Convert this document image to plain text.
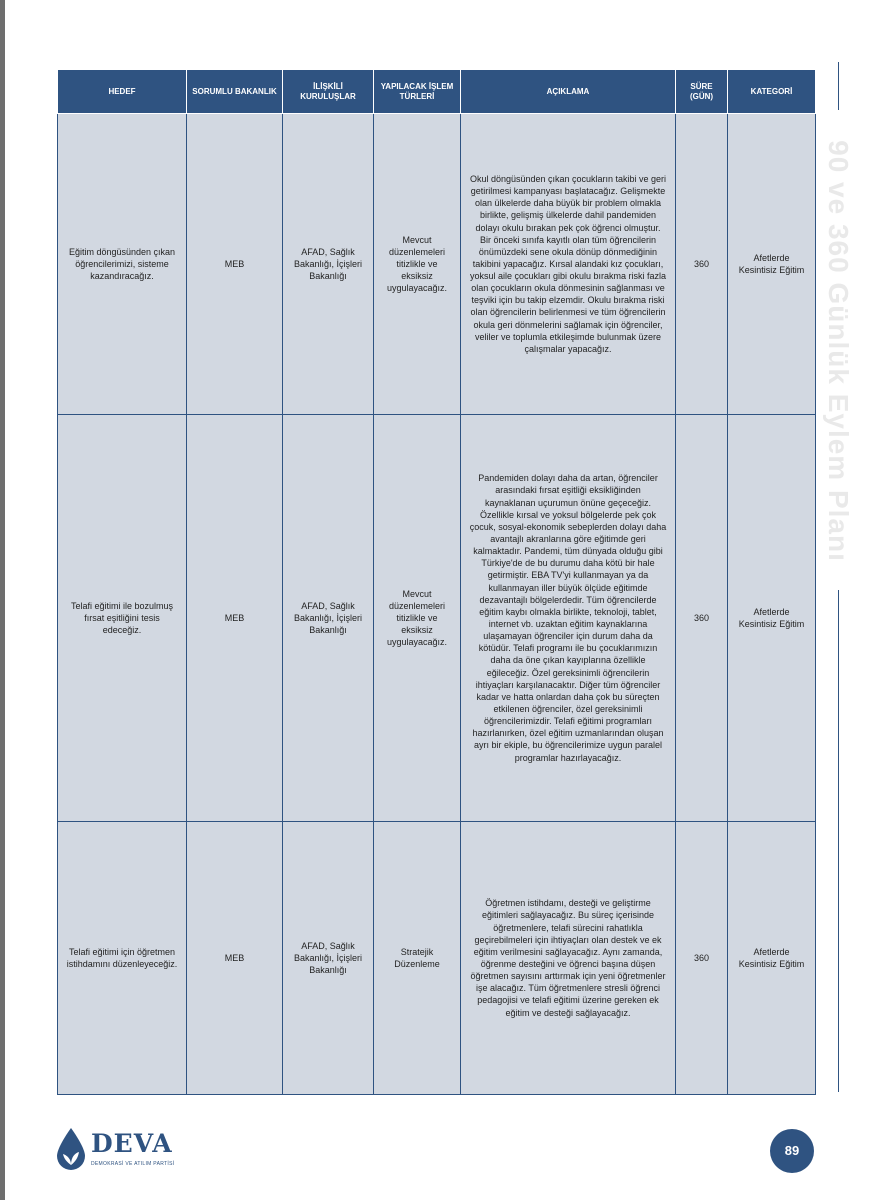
HEDEF	SORUMLU BAKANLIK	İLİŞKİLİ KURULUŞLAR	YAPILACAK İŞLEM TÜRLERİ	AÇIKLAMA	SÜRE (GÜN)	KATEGORİ
Eğitim döngüsünden çıkan öğrencilerimizi, sisteme kazandıracağız.	MEB	AFAD, Sağlık Bakanlığı, İçişleri Bakanlığı	Mevcut düzenlemeleri titizlikle ve eksiksiz uygulayacağız.	Okul döngüsünden çıkan çocukların takibi ve geri getirilmesi kampanyası başlatacağız. Gelişmekte olan ülkelerde daha büyük bir problem olmakla birlikte, gelişmiş ülkelerde dahil pandemiden dolayı okulu bırakan pek çok öğrenci olmuştur. Bir önceki sınıfa kayıtlı olan tüm öğrencilerin önümüzdeki sene okula dönüp dönmediğinin takibini yapacağız. Kırsal alandaki kız çocukları, yoksul aile çocukları gibi okulu bırakma riski fazla olan çocukların okula dönmesinin sağlanması ve teşviki için bu takip elzemdir. Okulu bırakma riski olan öğrencilerin belirlenmesi ve tüm öğrencilerin okula geri dönmelerini sağlamak için öğrenciler, veliler ve toplumla etkileşimde bulunmak üzere çalışmalar yapacağız.	360	Afetlerde Kesintisiz Eğitim
Telafi eğitimi ile bozulmuş fırsat eşitliğini tesis edeceğiz.	MEB	AFAD, Sağlık Bakanlığı, İçişleri Bakanlığı	Mevcut düzenlemeleri titizlikle ve eksiksiz uygulayacağız.	Pandemiden dolayı daha da artan, öğrenciler arasındaki fırsat eşitliği eksikliğinden kaynaklanan uçurumun önüne geçeceğiz. Özellikle kırsal ve yoksul bölgelerde pek çok çocuk, sosyal-ekonomik sebeplerden dolayı daha avantajlı akranlarına göre eğitimde geri kalmaktadır. Pandemi, tüm dünyada olduğu gibi Türkiye'de de bu durumu daha kötü bir hale getirmiştir. EBA TV'yi kullanmayan ya da kullanmayan iller büyük ölçüde eğitimde dezavantajlı bölgelerdedir. Tüm öğrencilerde eğitim kaybı olmakla birlikte, teknoloji, tablet, internet vb. uzaktan eğitim kaynaklarına ulaşamayan öğrenciler için durum daha da kötüdür. Telafi programı ile bu çocuklarımızın daha da öne çıkan kayıplarına özellikle eğileceğiz. Özel gereksinimli öğrencilerin ihtiyaçları karşılanacaktır. Diğer tüm öğrenciler kadar ve hatta onlardan daha çok bu süreçten etkilenen öğrenciler, özel gereksinimli öğrencilerimizdir. Telafi eğitimi programları hazırlanırken, özel eğitim uzmanlarından oluşan ayrı bir ekiple, bu öğrencilerimize uygun paralel programlar hazırlayacağız.	360	Afetlerde Kesintisiz Eğitim
Telafi eğitimi için öğretmen istihdamını düzenleyeceğiz.	MEB	AFAD, Sağlık Bakanlığı, İçişleri Bakanlığı	Stratejik Düzenleme	Öğretmen istihdamı, desteği ve geliştirme eğitimleri sağlayacağız. Bu süreç içerisinde öğretmenlere, telafi sürecini rahatlıkla geçirebilmeleri için ihtiyaçları olan destek ve ek eğitim verilmesini sağlayacağız. Aynı zamanda, öğrenme desteğini ve öğrenci başına düşen öğretmen sayısını arttırmak için yeni öğretmenler işe alacağız. Tüm öğretmenlere stresli öğrenci pedagojisi ve telafi eğitimi üzerine gereken ek eğitim ve desteği sağlayacağız.	360	Afetlerde Kesintisiz Eğitim
90 ve 360 Günlük Eylem Planı
DEVA
DEMOKRASİ VE ATILIM PARTİSİ
89
